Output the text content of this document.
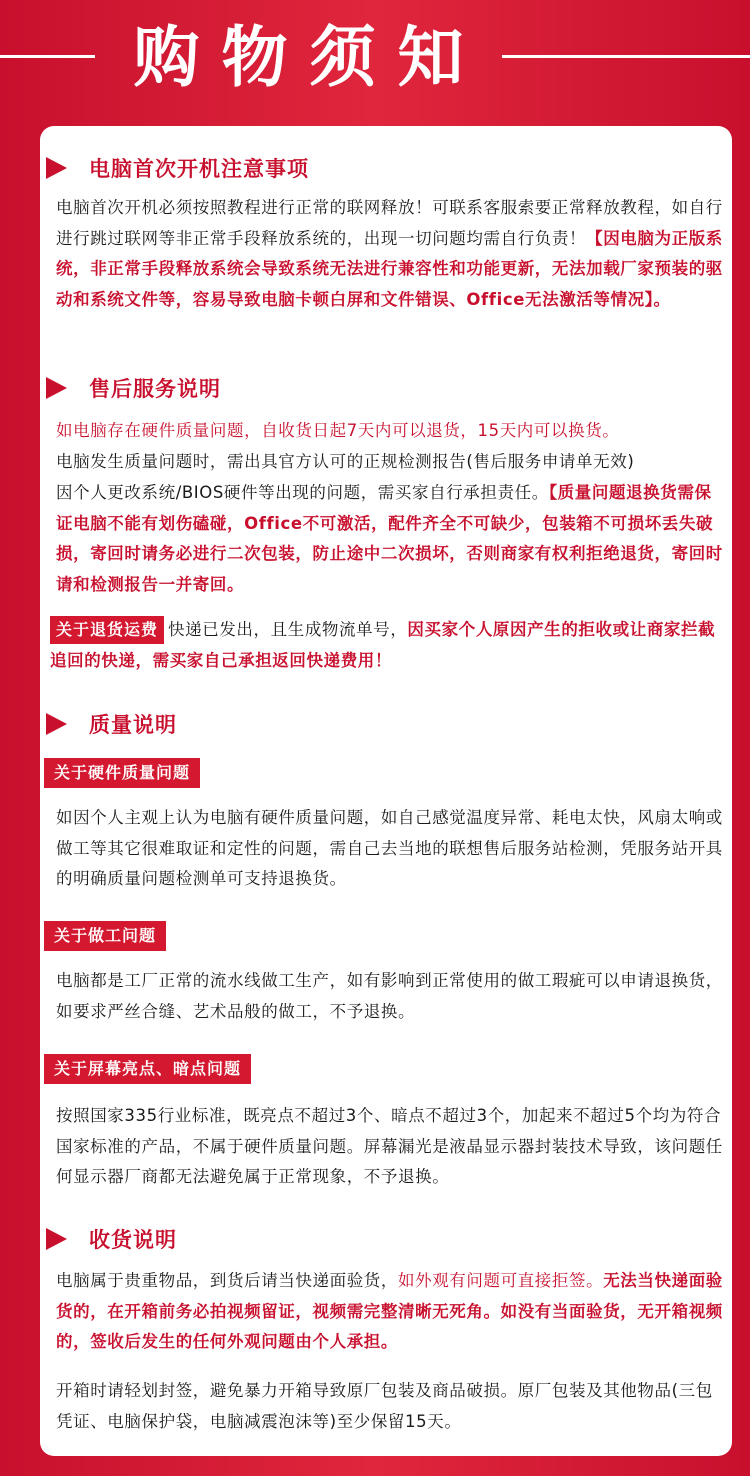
购物须知
电脑首次开机注意事项
电脑首次开机必须按照教程进行正常的联网释放！可联系客服索要正常释放教程，如自行进行跳过联网等非正常手段释放系统的，出现一切问题均需自行负责！【因电脑为正版系统，非正常手段释放系统会导致系统无法进行兼容性和功能更新，无法加载厂家预装的驱动和系统文件等，容易导致电脑卡顿白屏和文件错误、Office无法激活等情况】。
售后服务说明
如电脑存在硬件质量问题，自收货日起7天内可以退货，15天内可以换货。
电脑发生质量问题时，需出具官方认可的正规检测报告(售后服务申请单无效)
因个人更改系统/BIOS硬件等出现的问题，需买家自行承担责任。【质量问题退换货需保证电脑不能有划伤磕碰，Office不可激活，配件齐全不可缺少，包装箱不可损坏丢失破损，寄回时请务必进行二次包装，防止途中二次损坏，否则商家有权利拒绝退货，寄回时请和检测报告一并寄回。
关于退货运费 快递已发出，且生成物流单号，因买家个人原因产生的拒收或让商家拦截追回的快递，需买家自己承担返回快递费用！
质量说明
关于硬件质量问题
如因个人主观上认为电脑有硬件质量问题，如自己感觉温度异常、耗电太快，风扇太响或做工等其它很难取证和定性的问题，需自己去当地的联想售后服务站检测，凭服务站开具的明确质量问题检测单可支持退换货。
关于做工问题
电脑都是工厂正常的流水线做工生产，如有影响到正常使用的做工瑕疵可以申请退换货，如要求严丝合缝、艺术品般的做工，不予退换。
关于屏幕亮点、暗点问题
按照国家335行业标准，既亮点不超过3个、暗点不超过3个，加起来不超过5个均为符合国家标准的产品，不属于硬件质量问题。屏幕漏光是液晶显示器封装技术导致，该问题任何显示器厂商都无法避免属于正常现象，不予退换。
收货说明
电脑属于贵重物品，到货后请当快递面验货，如外观有问题可直接拒签。无法当快递面验货的，在开箱前务必拍视频留证，视频需完整清晰无死角。如没有当面验货，无开箱视频的，签收后发生的任何外观问题由个人承担。
开箱时请轻划封签，避免暴力开箱导致原厂包装及商品破损。原厂包装及其他物品(三包凭证、电脑保护袋，电脑减震泡沫等)至少保留15天。
